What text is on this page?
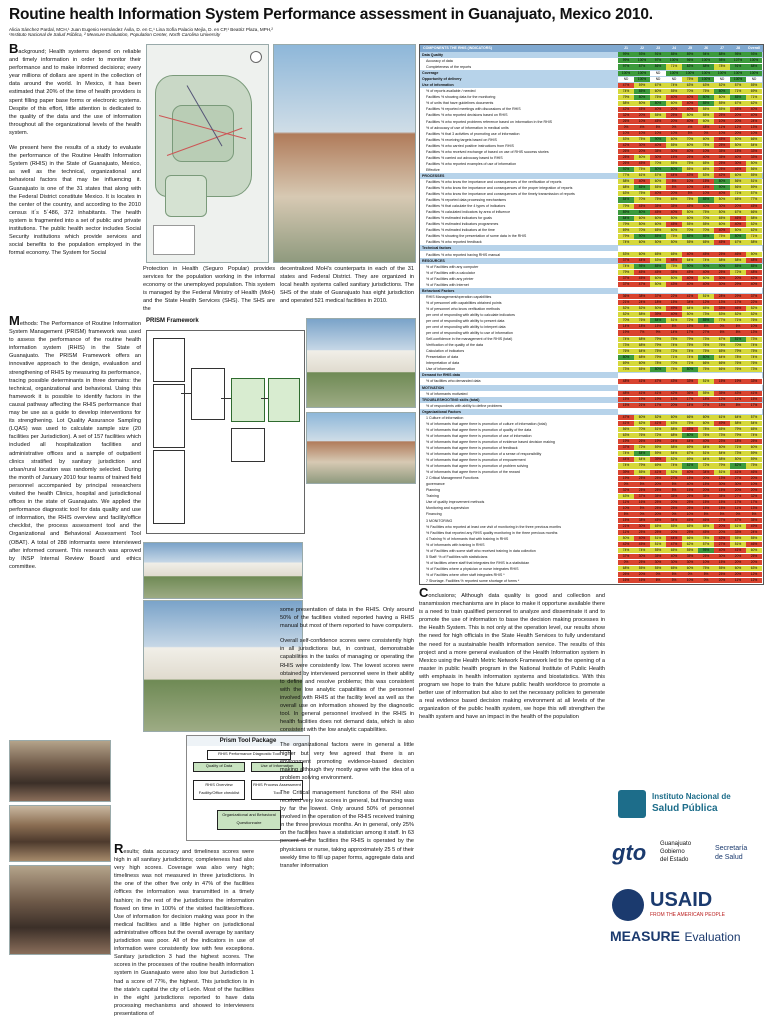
Routine health Information System Performance assessment in Guanajuato, Mexico 2010.
Alicia Sánchez Pardal, MCH,¹ Juan Eugenio Hernández Ávila, D. en C,¹ Lina Sofía Palacio Mejía, D. en CP,¹ Beatriz Plaza, MPH,²
¹Instituto Nacional de Salud Pública, ² Measure Evaluation, Population Center, North Carolina University

Background; Health systems depend on reliable and timely information in order to monitor their performance and to make informed decisions; every year millions of dollars are spent in the collection of data around the world. In Mexico, it has been estimated that 20% of the time of health providers is spent filling paper base forms or electronic systems. Despite of this effort, little attention is dedicated to the quality of the data and the use of information throughout all the organizational levels of the health system.

We present here the results of a study to evaluate the performance of the Routine Health Information System (RHIS) in the State of Guanajuato, Mexico, as well as the technical, organizational and behavioral factors that may be influencing it. Guanajuato is one of the 31 states that along with the Federal District constitute Mexico. It is locates in the center of the country, and according to the 2010 census it´s 5´486, 372 inhabitants. The health system is fragmented into a set of public and private institutions. The public health sector includes Social Security institutions which provide services and social benefits to the population employed in the formal economy. The System for Social

Protection in Health (Seguro Popular) provides services for the population working in the informal economy or the unemployed population. This system is managed by the Federal Ministry of Health (MoH) and the State Health Services (SHS). The SHS are the

decentralized MoH's counterparts in each of the 31 states and Federal District. They are organized in local health systems called sanitary jurisdictions. The SHS of the state of Guanajuato has eight jurisdiction and operated 521 medical facilities in 2010.

PRISM Framework

Methods: The Performance of Routine Information System Management (PRISM) framework was used to assess the performance of the routine health information system (RHIS) in the State of Guanajuato. The PRISM Framework offers an innovative approach to the design, evaluation and strengthening of RHIS by measuring its performance, tracing possible determinants in three domains: the technical, organizational and behavioral. Using this framework it is possible to identify factors in the causal pathway affecting the RHIS performance that may be use as a guide to develop interventions for its strengthening. Lot Quality Assurance Sampling (LQAS) was used to calculate sample size (20 facilities per Jurisdiction). A set of 157 facilities which included all hospitalization facilities and administrative offices and a sample of outpatient clinics stratified by sanitary jurisdiction and urban/rural location was randomly selected. During the month of January 2010 four teams of trained field personnel accompanied by principal researchers visited the health Clinics, hospital and jurisdictional offices in the state of Guanajuato. We applied the performance diagnostic tool for data quality and use of information, the RHIS overview and facility/office checklist, the process assessment tool and the Organizational and Behavioral Assessment Tool (OBAT). A total of 288 informants were interviewed after informed consent. This research was aproved by INSP Internal Review Board and ethics committee.

Prism Tool Package
RHIS Performance Diagnostic Tool
Quality of Data	Use of Information
RHIS Overview
Facility/Office checklist
RHIS Process Assessment Tool
Organizational and Behavioral Questionnaire

Results; data accuracy and timeliness scores were high in all sanitary jurisdictions; completeness had also very high scores. Coverage was also very high; timeliness was not measured in three jurisdictions. In the one of the other five only in 47% of the facilities /offices the information was transmitted in a timely fashion; in the rest of the jurisdictions the information flowed on time in 100% of the visited facilities/offices. Use of information for decision making was poor in the medical facilities and a little higher on jurisdictional administrative offices but the overall average by sanitary jurisdiction was poor. All of the indicators in use of information were consistently low with few exceptions. Sanitary jurisdiction 3 had the highest scores. The scores in the processes of the routine health information system in Guanajuato were also low but Jurisdiction 1 had a score of 77%, the highest. This jurisdiction is in the state's capital the city of León. Most of the facilities in the eight jurisdictions reported to have data processing mechanisms and showed to interviewers presentations of

some presentation of data in the RHIS. Only around 50% of the facilities visited reported having a RHIS manual but most of them reported to have computers.

Overall self-confidence scores were consistently high in all jurisdictions but, in contrast, demonstrable capabilities in the tasks of managing or operating the RHIS were consistently low. The lowest scores were obtained by interviewed personnel were in their ability to define and resolve problems; this was consistent with the low analytic capabilities of the personnel involved with RHIS at the facility level as well as the overall use on information showed by the diagnostic tool. In general personnel involved in the RHIS in health facilities does not demand data, which is also consistent with the low analytic capabilities.

The organizational factors were in general a little higher but very few agreed that there is an environment promoting evidence-based decision making although they mostly agree with the idea of a problem solving environment.

The Critical management functions of the RHI also received very low scores in general, but financing was by far the lowest. Only around 50% of personnel involved in the operation of the RHIS received training in the three previous months. An in general, only 25% on the facilities have a statistician among it staff. In 63 percent of the facilities the RHIS is operated by the physicians or nurse, taking approximately 25 5 of their weekly time to fill up paper forms, aggregate data and transfer information

COMPONENTS THE RHIS (INDICATORS)	J1	J2	J3	J4	J5	J6	J7	J8	Overall
Data Quality	99%	93%	91%	85%	89%	94%	88%	95%	93%
Accuracy of data	99%	100%	97%	100%	96%	100%	98%	107%	100%
Completeness of the reports	97%	87%	86%	71%	83%	88%	78%	91%	88%
Coverage	100%	100%	ND	100%	100%	100%	100%	100%	100%
Opportunity of delivery	ND	100%	ND	ND	75%	100%	ND	100%	ND
Use of information	47%	59%	67%	74%	63%	63%	52%	57%	55%
% of reports available / needed	74%	85%	60%	55%	70%	75%	80%	71%	69%
Facilities % showing data for the monitoring	79%	80%	75%	40%	40%	80%	50%	85%	71%
% of units that have guidelines documents	58%	50%	80%	60%	40%	85%	55%	67%	62%
Facilities % reported meetings with discussions of the RHIS	42%	45%	40%	20%	40%	55%	55%	45%	40%
Facilities % who reported decisions based on RHIS	32%	20%	55%	25%	50%	55%	25%	20%	40%
Facilities % who reported problems reference based on information in the RHIS	26%	10%	45%	20%	40%	60%	10%	20%	24%
% of advocacy of use of information in medical units	0%	4%	5%	0%	4%	48%	11%	12%	13%
Facilities % that 3 activities of promoting use of information	10%	10%	10%	10%	5%	0%	10%	20%	10%
Facilities % receiving targets based on RHIS	53%	75%	90%	60%	70%	60%	45%	50%	66%
Facilities % who carried positive instructions from RHIS	42%	30%	40%	55%	60%	75%	25%	50%	54%
Facilities % who received exchange of based on use of RHIS success stories	26%	20%	35%	30%	40%	10%	35%	15%	33%
Facilities % carried out advocacy based to RHIS	25%	50%	30%	15%	25%	40%	35%	40%	33%
Facilities % who reported examples of use of information	26%	45%	70%	55%	75%	65%	25%	30%	50%
Effective	92%	75%	80%	80%	55%	65%	25%	46%	56%
PROCESSES	77%	61%	57%	44%	43%	53%	42%	60%	55%
Facilities % who know the importance and consequences of the verification of reports	58%	40%	60%	5%	10%	15%	80%	56%	51%
Facilities % who know the importance and consequences of the proper integration of reports	68%	85%	55%	5%	10%	15%	90%	56%	59%
Facilities % who know the importance and consequences of the timely transmission of reports	63%	75%	40%	20%	5%	10%	40%	71%	57%
Facilities % reported data processing mechanisms	84%	70%	75%	65%	75%	85%	50%	65%	77%
Facilities % that calculate the 4 types of indicators	79%	45%	35%	35%	45%	40%	30%	20%	45%
Facilities % calculated indicators by area of influence	89%	80%	45%	40%	50%	75%	50%	67%	66%
Facilities % estimated indicators for goals	84%	60%	60%	50%	60%	70%	65%	46%	58%
Facilities % estimated indicators programmes	79%	50%	60%	45%	55%	55%	60%	40%	52%
Facilities % estimated indicators at the time	69%	70%	65%	60%	70%	70%	40%	50%	62%
Facilities % showing the presentation of some data in the RHIS	79%	90%	85%	75%	85%	85%	75%	80%	71%
Facilities % who reported feedback	74%	60%	50%	50%	55%	65%	45%	67%	58%
Technical factors
Facilities % who reported having RHIS manual	53%	60%	65%	65%	40%	45%	25%	46%	50%
RESOURCES	37%	44%	53%	48%	64%	74%	58%	58%	48%
% of Facilities with any computer	74%	95%	85%	75%	90%	90%	90%	85%	85%
% of Facilities with a calculator	79%	45%	45%	35%	45%	40%	25%	72%	48%
% of Facilities with any printer	37%	45%	60%	50%	40%	60%	30%	20%	42%
% of Facilities with Internet	37%	47%	50%	43%	40%	40%	30%	29%	40%
Behavioral Factors
RHIS Management/operation capabilities	36%	38%	37%	22%	41%	51%	28%	29%	37%
% of personnel with capabilities obtained points	21%	24%	18%	15%	34%	12%	13%	17%	22%
% of personnel who know verification methods	52%	52%	50%	49%	64%	65%	33%	46%	52%
per cent of responding with ability to calculate indicators	52%	58%	39%	40%	50%	73%	53%	52%	52%
per cent of responding with ability to present data	70%	76%	84%	51%	72%	85%	77%	71%	76%
per cent of responding with ability to interpret data	14%	18%	15%	8%	15%	8%	0%	6%	10%
per cent of responding with ability to use of information	19%	7%	9%	14%	17%	27%	6%	8%	13%
Self-confidence in the management of the RHIS (total)	74%	68%	79%	75%	79%	73%	67%	81%	73%
Verification of the quality of the data	73%	68%	79%	74%	75%	76%	76%	70%	74%
Calculation of indicators	76%	64%	75%	72%	74%	75%	65%	79%	75%
Presentation of data	80%	68%	79%	71%	74%	80%	64%	78%	74%
Interpretation of data	69%	60%	78%	70%	71%	66%	66%	76%	76%
Use of information	73%	65%	80%	75%	80%	75%	66%	76%	73%
Demand for RHIS data
% of facilities who demanded data	48%	41%	47%	43%	33%	51%	15%	19%	33%
MOTIVATION
% of informants motivated	48%	41%	41%	42%	36%	55%	35%	43%	41%
TROUBLESHOOTING skills (total)	15%	19%	19%	13%	17%	18%	12%	11%	15%
% of respondents with ability to define problems	15%	21%	17%	20%	14%	27%	13%	8%	17%
Organizational Factors
1 Culture of information	47%	60%	52%	60%	66%	60%	61%	64%	57%
% of informants that agree there is promotion of culture of information (total)	41%	62%	41%	63%	75%	60%	49%	58%	54%
% of informants that agree there is promotion of quality of the data	56%	70%	51%	58%	45%	78%	65%	79%	65%
% of informants that agree there is promotion of use of information	63%	76%	72%	68%	80%	76%	73%	79%	74%
% of informants that agree there is promotion of evidence based decision making	19%	26%	19%	24%	44%	40%	23%	18%	25%
% of informants that agree there is promotion of feedback	37%	72%	59%	58%	69%	64%	50%	71%	60%
% of informants that agree there is promotion of a sense of responsibility	74%	84%	59%	54%	67%	51%	54%	73%	59%
% of informants that agree there is promotion of empowerment	44%	64%	39%	52%	69%	64%	58%	50%	59%
% of informants that agree there is promotion of problem solving	74%	79%	69%	74%	81%	72%	79%	82%	75%
% of informants that agree there is promotion of the reward	39%	55%	41%	52%	40%	34%	51%	41%	46%
2 Critical Management Functions	19%	25%	25%	27%	15%	20%	13%	27%	20%
governance	0%	5%	20%	5%	40%	15%	30%	30%	10%
Planning	32%	25%	25%	5%	15%	20%	15%	20%	20%
Training	63%	37%	35%	35%	25%	35%	35%	27%	32%
Use of quality improvement methods	11%	16%	25%	20%	25%	15%	15%	17%	17%
Monitoring and supervision	10%	5%	25%	25%	25%	15%	15%	11%	13%
Financing	5%	0%	20%	0%	10%	5%	5%	0%	5%
3 MONITORING	15%	38%	45%	34%	45%	46%	27%	47%	35%
% Facilities who reported at least one visit of monitoring in the three previous months	21%	30%	65%	55%	65%	65%	20%	61%	49%
% Facilities that reported any RHIS quality monitoring in the three previous months	11%	25%	25%	20%	25%	45%	20%	33%	24%
4 Training % of informants that with training in RHIS	50%	40%	51%	44%	66%	78%	42%	55%	55%
% of informants with training in RHIS	42%	45%	51%	47%	62%	57%	27%	51%	46%
% of Facilities with some staff who received training in data collection	74%	74%	55%	65%	55%	95%	40%	41%	60%
5 Staff: % of Facilities with statisticians	37%	30%	35%	40%	35%	25%	30%	20%	25%
% of facilities where staff that integrates the RHIS is a statistician	0%	25%	30%	30%	30%	10%	15%	20%	20%
% of Facilities where a physician or nurse integrates RHIS	68%	55%	55%	65%	60%	75%	55%	60%	63%
% of Facilities where other staff integrates RHIS *	26%	20%	0%	5%	0%	5%	25%	20%	12%
7 Shortage. Facilities % reported some shortage of forms *	16%	16%	6%	5%	10%	0%	20%	11%	12%

Conclusions; Although data quality is good and collection and transmission mechanisms are in place to make it opportune available there is a need to train qualified personnel to analyze and disseminate it and to promote the use of information to base the decision making processes in the Health System. This is not only at the operation level, our results show the need for high officials in the State Health Services to fully understand the need for a sustainable health information service. The results of this project and a more general evaluation of the Health Information system in Mexico using the Health Metric Network Framework led to the opening of a master in public health program in the National Institute of Public Health with emphasis in health information systems and biostatistics. With this program we hope to train the future public health workforce to promote a better use of information but also to set the necessary policies to generate a real evidence based decision making environment at all levels of the organization of the public health system, we hope this will strengthen the health system and have an impact in the health of the population

Instituto Nacional de
Salud Pública
gto Guanajuato
Gobierno
del Estado
Secretaría
de Salud
USAID
FROM THE AMERICAN PEOPLE
MEASURE Evaluation
